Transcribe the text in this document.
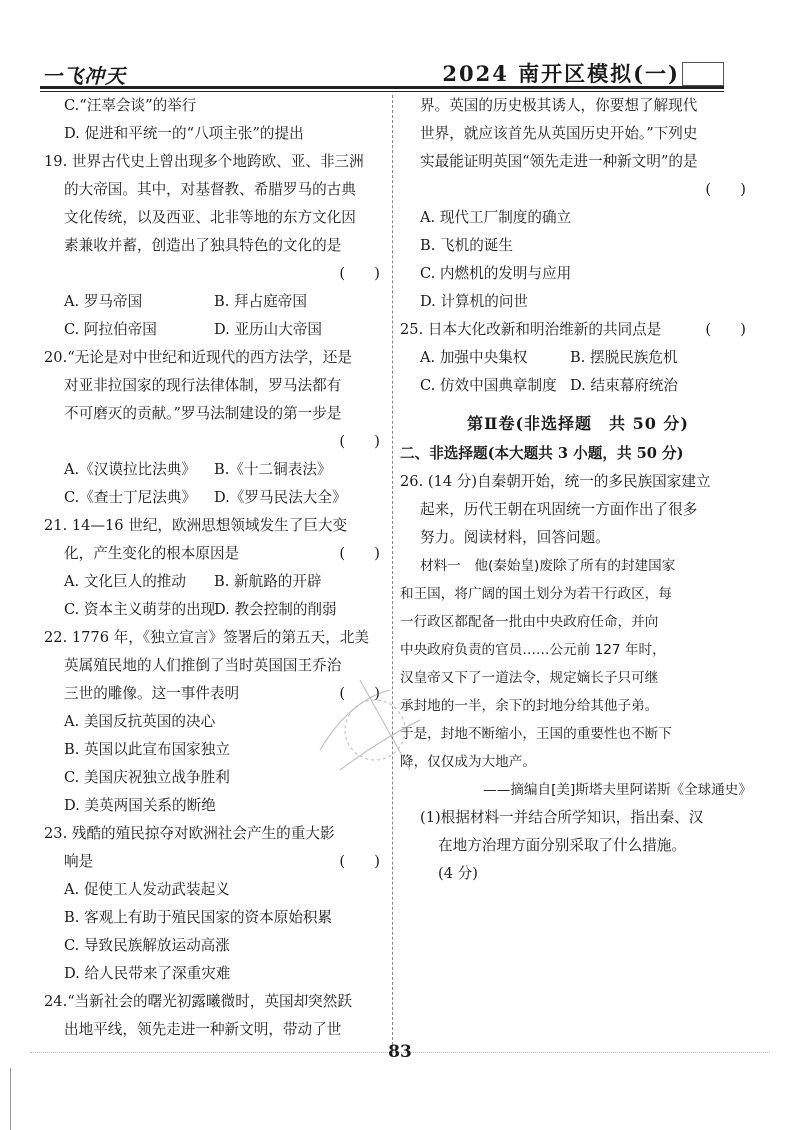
一飞冲天	2024 南开区模拟(一)
C.“汪辜会谈”的举行
D. 促进和平统一的“八项主张”的提出
19. 世界古代史上曾出现多个地跨欧、亚、非三洲
的大帝国。其中，对基督教、希腊罗马的古典
文化传统，以及西亚、北非等地的东方文化因
素兼收并蓄，创造出了独具特色的文化的是
(　　)
A. 罗马帝国	B. 拜占庭帝国
C. 阿拉伯帝国	D. 亚历山大帝国
20.“无论是对中世纪和近现代的西方法学，还是
对亚非拉国家的现行法律体制，罗马法都有
不可磨灭的贡献。”罗马法制建设的第一步是
(　　)
A.《汉谟拉比法典》 B.《十二铜表法》
C.《查士丁尼法典》 D.《罗马民法大全》
21. 14—16 世纪，欧洲思想领域发生了巨大变
化，产生变化的根本原因是	(　　)
A. 文化巨人的推动 B. 新航路的开辟
C. 资本主义萌芽的出现D. 教会控制的削弱
22. 1776 年，《独立宣言》签署后的第五天，北美
英属殖民地的人们推倒了当时英国国王乔治
三世的雕像。这一事件表明	(　　)
A. 美国反抗英国的决心
B. 英国以此宣布国家独立
C. 美国庆祝独立战争胜利
D. 美英两国关系的断绝
23. 残酷的殖民掠夺对欧洲社会产生的重大影
响是	(　　)
A. 促使工人发动武装起义
B. 客观上有助于殖民国家的资本原始积累
C. 导致民族解放运动高涨
D. 给人民带来了深重灾难
24.“当新社会的曙光初露曦微时，英国却突然跃
出地平线，领先走进一种新文明，带动了世
界。英国的历史极其诱人，你要想了解现代
世界，就应该首先从英国历史开始。”下列史
实最能证明英国“领先走进一种新文明”的是
(　　)
A. 现代工厂制度的确立
B. 飞机的诞生
C. 内燃机的发明与应用
D. 计算机的问世
25. 日本大化改新和明治维新的共同点是	(　　)
A. 加强中央集权	B. 摆脱民族危机
C. 仿效中国典章制度 D. 结束幕府统治
第Ⅱ卷(非选择题　共 50 分)
二、非选择题(本大题共 3 小题，共 50 分)
26. (14 分)自秦朝开始，统一的多民族国家建立
起来，历代王朝在巩固统一方面作出了很多
努力。阅读材料，回答问题。
材料一　他(秦始皇)废除了所有的封建国家
和王国，将广阔的国土划分为若干行政区，每
一行政区都配备一批由中央政府任命，并向
中央政府负责的官员……公元前 127 年时，
汉皇帝又下了一道法令，规定嫡长子只可继
承封地的一半，余下的封地分给其他子弟。
于是，封地不断缩小，王国的重要性也不断下
降，仅仅成为大地产。
——摘编自[美]斯塔夫里阿诺斯《全球通史》
(1)根据材料一并结合所学知识，指出秦、汉
在地方治理方面分别采取了什么措施。
(4 分)
83
